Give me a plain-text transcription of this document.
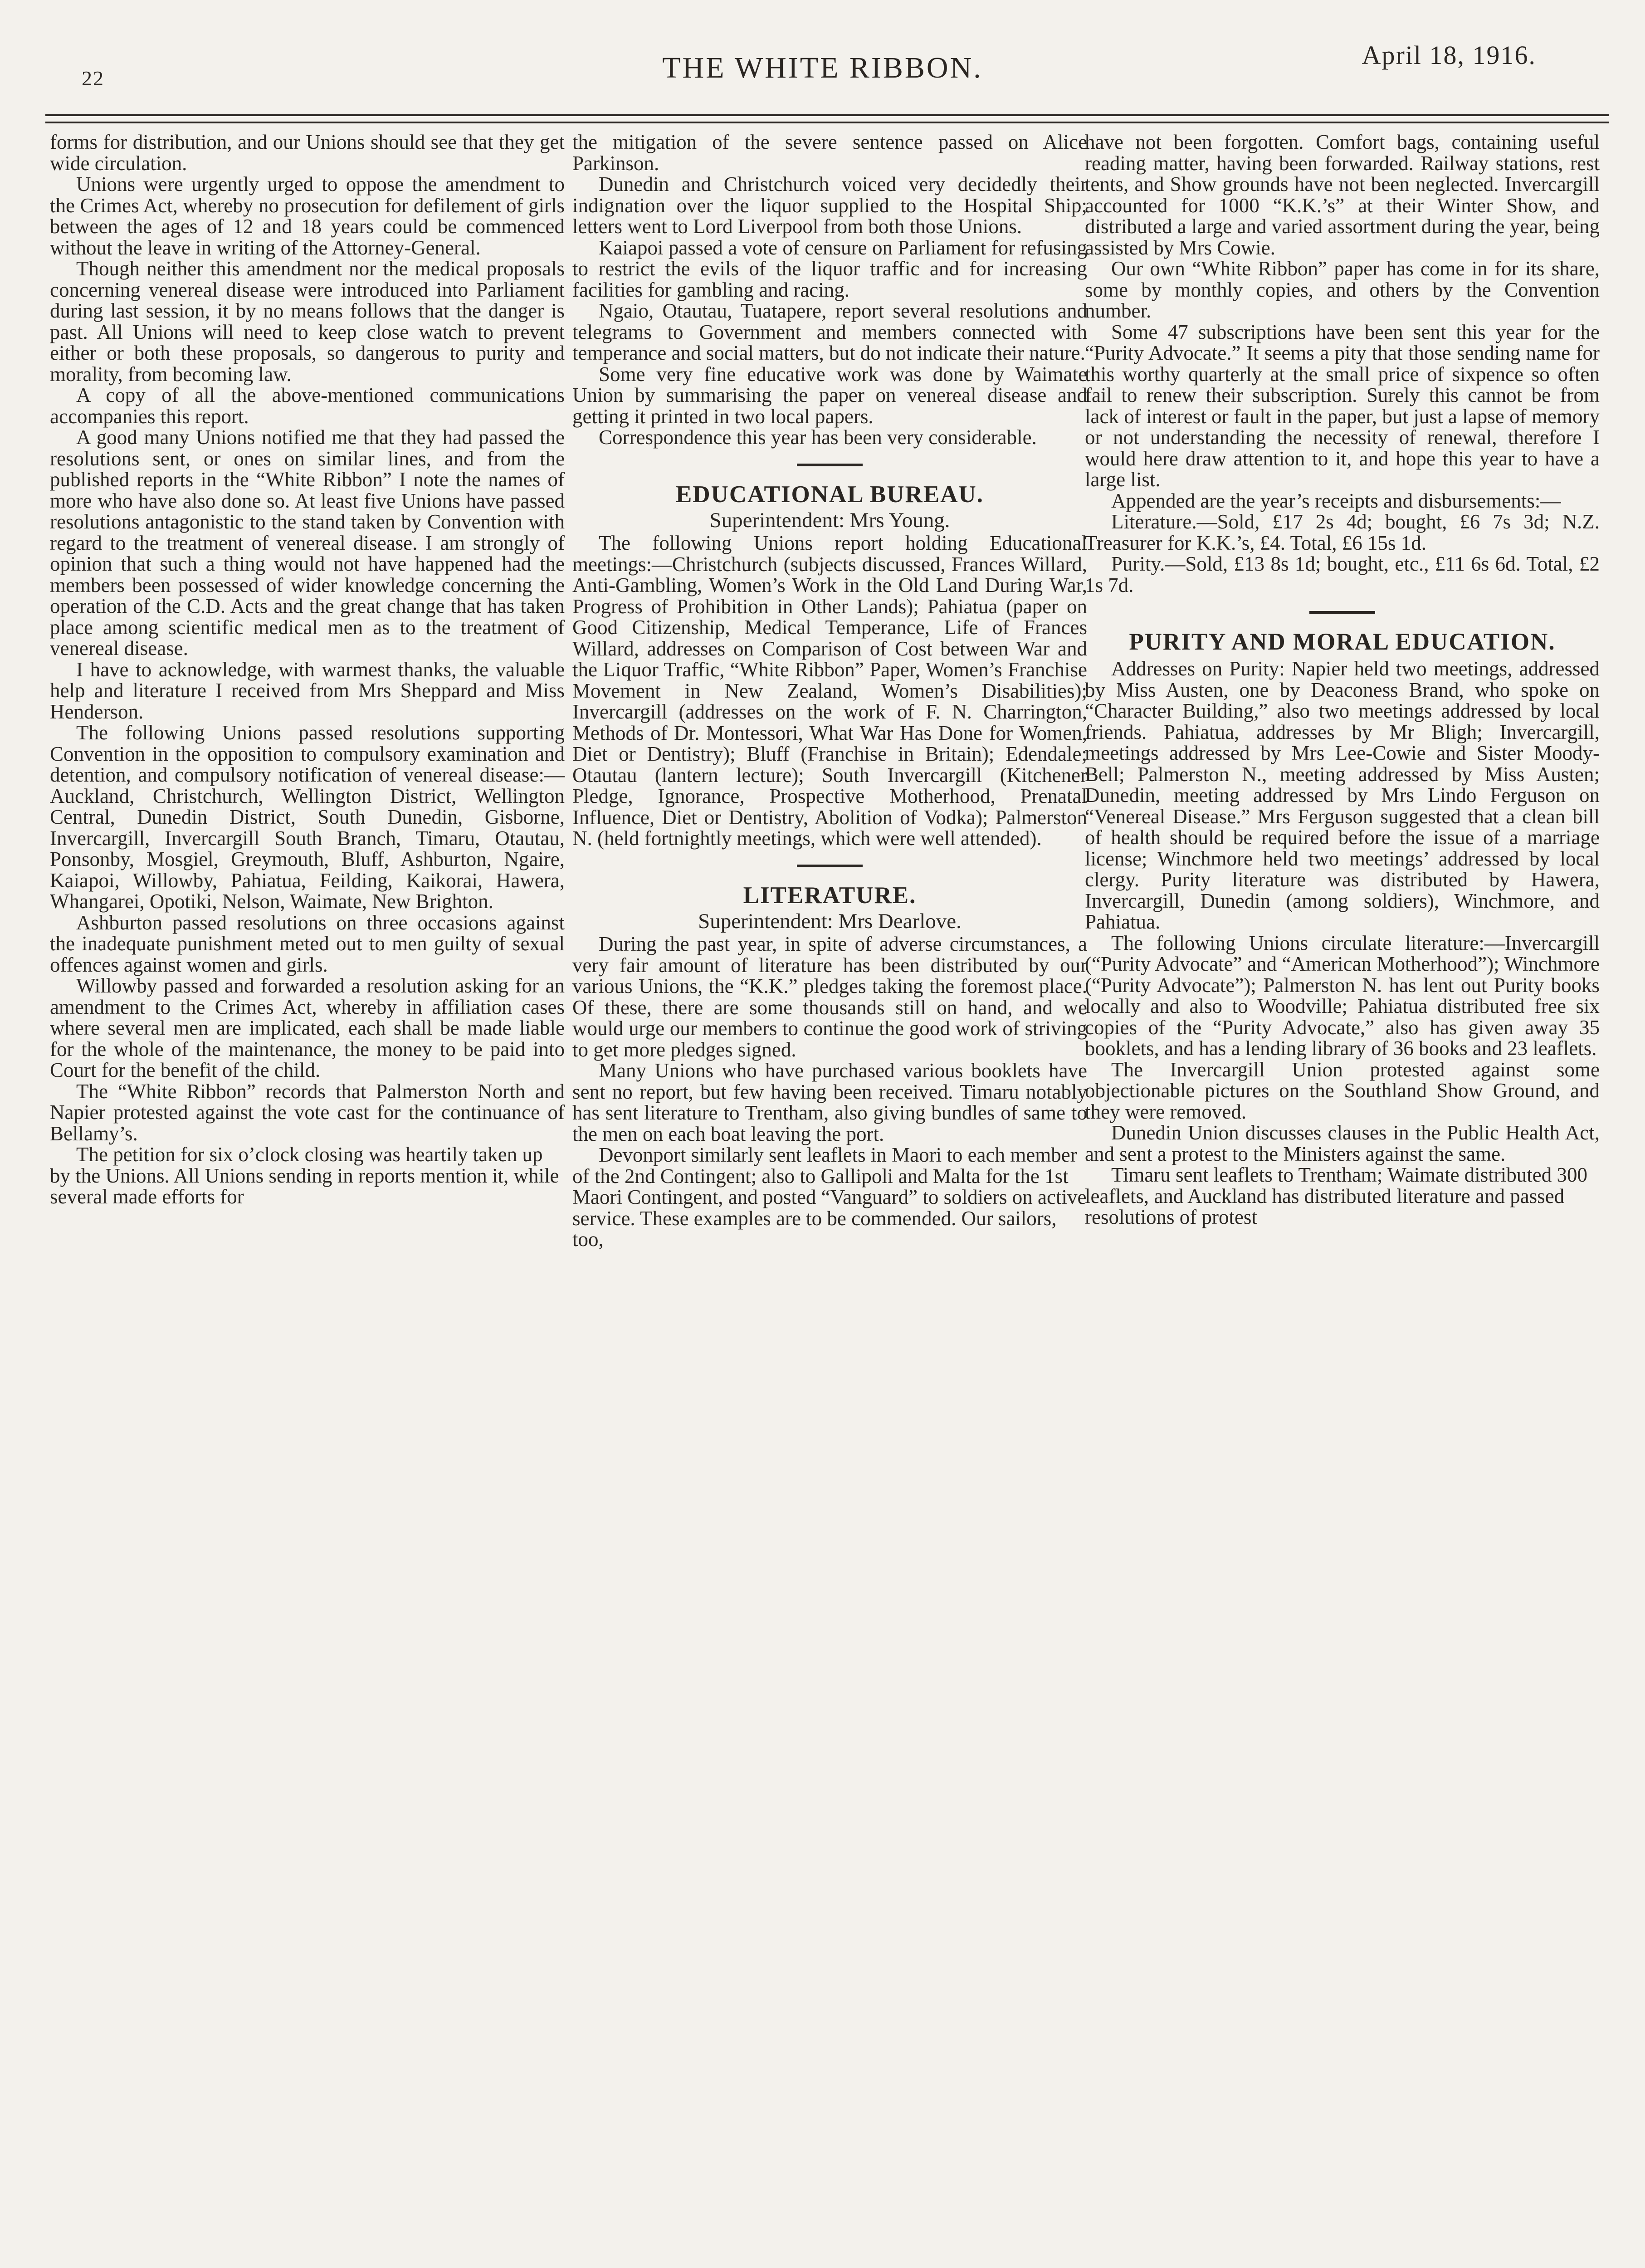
22	THE WHITE RIBBON.	April 18, 1916.

forms for distribution, and our Unions should see that they get wide circulation.

Unions were urgently urged to oppose the amendment to the Crimes Act, whereby no prosecution for defilement of girls between the ages of 12 and 18 years could be commenced without the leave in writing of the Attorney-General.

Though neither this amendment nor the medical proposals concerning venereal disease were introduced into Parliament during last session, it by no means follows that the danger is past. All Unions will need to keep close watch to prevent either or both these proposals, so dangerous to purity and morality, from becoming law.

A copy of all the above-mentioned communications accompanies this report.

A good many Unions notified me that they had passed the resolutions sent, or ones on similar lines, and from the published reports in the “White Ribbon” I note the names of more who have also done so. At least five Unions have passed resolutions antagonistic to the stand taken by Convention with regard to the treatment of venereal disease. I am strongly of opinion that such a thing would not have happened had the members been possessed of wider knowledge concerning the operation of the C.D. Acts and the great change that has taken place among scientific medical men as to the treatment of venereal disease.

I have to acknowledge, with warmest thanks, the valuable help and literature I received from Mrs Sheppard and Miss Henderson.

The following Unions passed resolutions supporting Convention in the opposition to compulsory examination and detention, and compulsory notification of venereal disease:—Auckland, Christchurch, Wellington District, Wellington Central, Dunedin District, South Dunedin, Gisborne, Invercargill, Invercargill South Branch, Timaru, Otautau, Ponsonby, Mosgiel, Greymouth, Bluff, Ashburton, Ngaire, Kaiapoi, Willowby, Pahiatua, Feilding, Kaikorai, Hawera, Whangarei, Opotiki, Nelson, Waimate, New Brighton.

Ashburton passed resolutions on three occasions against the inadequate punishment meted out to men guilty of sexual offences against women and girls.

Willowby passed and forwarded a resolution asking for an amendment to the Crimes Act, whereby in affiliation cases where several men are implicated, each shall be made liable for the whole of the maintenance, the money to be paid into Court for the benefit of the child.

The “White Ribbon” records that Palmerston North and Napier protested against the vote cast for the continuance of Bellamy’s.

The petition for six o’clock closing was heartily taken up by the Unions. All Unions sending in reports mention it, while several made efforts for

the mitigation of the severe sentence passed on Alice Parkinson.

Dunedin and Christchurch voiced very decidedly their indignation over the liquor supplied to the Hospital Ship; letters went to Lord Liverpool from both those Unions.

Kaiapoi passed a vote of censure on Parliament for refusing to restrict the evils of the liquor traffic and for increasing facilities for gambling and racing.

Ngaio, Otautau, Tuatapere, report several resolutions and telegrams to Government and members connected with temperance and social matters, but do not indicate their nature.

Some very fine educative work was done by Waimate Union by summarising the paper on venereal disease and getting it printed in two local papers.

Correspondence this year has been very considerable.

EDUCATIONAL BUREAU.
Superintendent: Mrs Young.

The following Unions report holding Educational meetings:—Christchurch (subjects discussed, Frances Willard, Anti-Gambling, Women’s Work in the Old Land During War, Progress of Prohibition in Other Lands); Pahiatua (paper on Good Citizenship, Medical Temperance, Life of Frances Willard, addresses on Comparison of Cost between War and the Liquor Traffic, “White Ribbon” Paper, Women’s Franchise Movement in New Zealand, Women’s Disabilities); Invercargill (addresses on the work of F. N. Charrington, Methods of Dr. Montessori, What War Has Done for Women, Diet or Dentistry); Bluff (Franchise in Britain); Edendale; Otautau (lantern lecture); South Invercargill (Kitchener Pledge, Ignorance, Prospective Motherhood, Prenatal Influence, Diet or Dentistry, Abolition of Vodka); Palmerston N. (held fortnightly meetings, which were well attended).

LITERATURE.
Superintendent: Mrs Dearlove.

During the past year, in spite of adverse circumstances, a very fair amount of literature has been distributed by our various Unions, the “K.K.” pledges taking the foremost place. Of these, there are some thousands still on hand, and we would urge our members to continue the good work of striving to get more pledges signed.

Many Unions who have purchased various booklets have sent no report, but few having been received. Timaru notably has sent literature to Trentham, also giving bundles of same to the men on each boat leaving the port.

Devonport similarly sent leaflets in Maori to each member of the 2nd Contingent; also to Gallipoli and Malta for the 1st Maori Contingent, and posted “Vanguard” to soldiers on active service. These examples are to be commended. Our sailors, too,

have not been forgotten. Comfort bags, containing useful reading matter, having been forwarded. Railway stations, rest tents, and Show grounds have not been neglected. Invercargill accounted for 1000 “K.K.’s” at their Winter Show, and distributed a large and varied assortment during the year, being assisted by Mrs Cowie.

Our own “White Ribbon” paper has come in for its share, some by monthly copies, and others by the Convention number.

Some 47 subscriptions have been sent this year for the “Purity Advocate.” It seems a pity that those sending name for this worthy quarterly at the small price of sixpence so often fail to renew their subscription. Surely this cannot be from lack of interest or fault in the paper, but just a lapse of memory or not understanding the necessity of renewal, therefore I would here draw attention to it, and hope this year to have a large list.

Appended are the year’s receipts and disbursements:—

Literature.—Sold, £17 2s 4d; bought, £6 7s 3d; N.Z. Treasurer for K.K.’s, £4. Total, £6 15s 1d.

Purity.—Sold, £13 8s 1d; bought, etc., £11 6s 6d. Total, £2 1s 7d.

PURITY AND MORAL EDUCATION.

Addresses on Purity: Napier held two meetings, addressed by Miss Austen, one by Deaconess Brand, who spoke on “Character Building,” also two meetings addressed by local friends. Pahiatua, addresses by Mr Bligh; Invercargill, meetings addressed by Mrs Lee-Cowie and Sister Moody-Bell; Palmerston N., meeting addressed by Miss Austen; Dunedin, meeting addressed by Mrs Lindo Ferguson on “Venereal Disease.” Mrs Ferguson suggested that a clean bill of health should be required before the issue of a marriage license; Winchmore held two meetings’ addressed by local clergy. Purity literature was distributed by Hawera, Invercargill, Dunedin (among soldiers), Winchmore, and Pahiatua.

The following Unions circulate literature:—Invercargill (“Purity Advocate” and “American Motherhood”); Winchmore (“Purity Advocate”); Palmerston N. has lent out Purity books locally and also to Woodville; Pahiatua distributed free six copies of the “Purity Advocate,” also has given away 35 booklets, and has a lending library of 36 books and 23 leaflets.

The Invercargill Union protested against some objectionable pictures on the Southland Show Ground, and they were removed.

Dunedin Union discusses clauses in the Public Health Act, and sent a protest to the Ministers against the same.

Timaru sent leaflets to Trentham; Waimate distributed 300 leaflets, and Auckland has distributed literature and passed resolutions of protest
